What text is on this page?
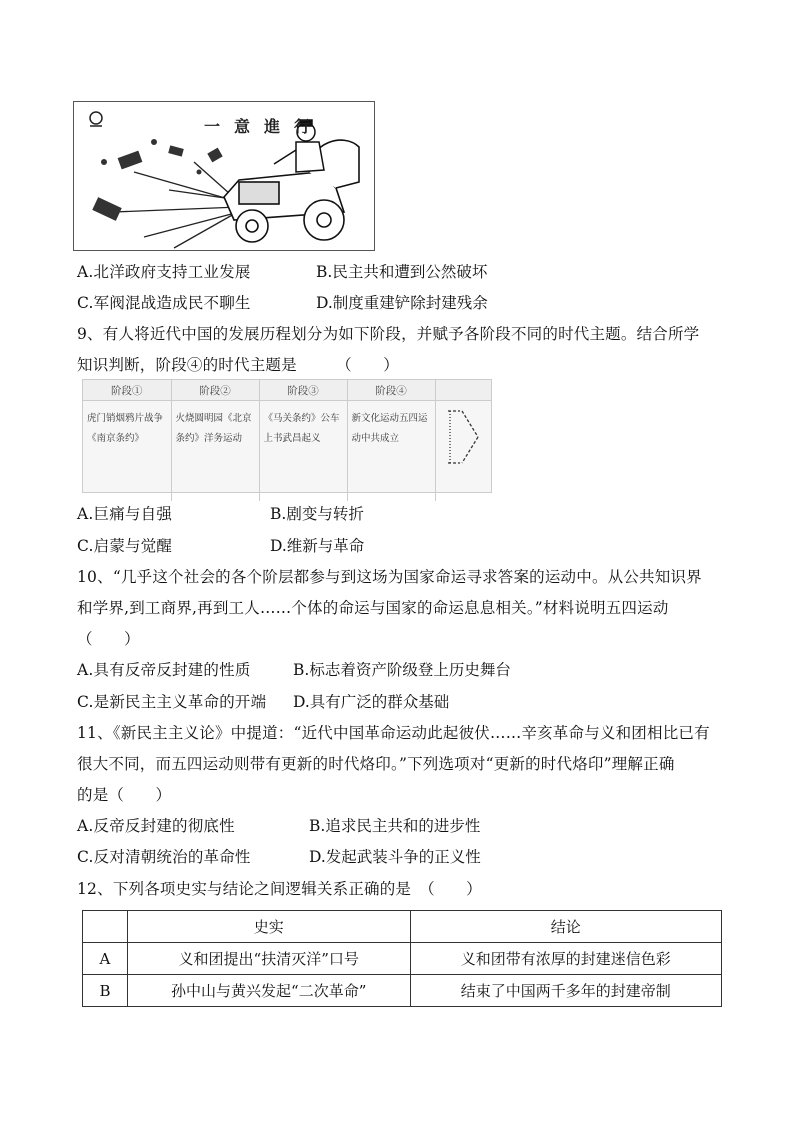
一意進行
A.北洋政府支持工业发展	B.民主共和遭到公然破坏
C.军阀混战造成民不聊生	D.制度重建铲除封建残余
9、有人将近代中国的发展历程划分为如下阶段，并赋予各阶段不同的时代主题。结合所学
知识判断，阶段④的时代主题是　　　（　　）
阶段①	阶段②	阶段③	阶段④	
虎门销烟鸦片战争《南京条约》	火烧圆明园《北京条约》洋务运动	《马关条约》公车上书武昌起义	新文化运动五四运动中共成立	
A.巨痛与自强	B.剧变与转折
C.启蒙与觉醒	D.维新与革命
10、“几乎这个社会的各个阶层都参与到这场为国家命运寻求答案的运动中。从公共知识界
和学界,到工商界,再到工人……个体的命运与国家的命运息息相关。”材料说明五四运动
（　　）
A.具有反帝反封建的性质	B.标志着资产阶级登上历史舞台
C.是新民主主义革命的开端 D.具有广泛的群众基础
11、《新民主主义论》中提道：“近代中国革命运动此起彼伏……辛亥革命与义和团相比已有
很大不同，而五四运动则带有更新的时代烙印。”下列选项对“更新的时代烙印”理解正确
的是（　　）
A.反帝反封建的彻底性	B.追求民主共和的进步性
C.反对清朝统治的革命性	D.发起武装斗争的正义性
12、下列各项史实与结论之间逻辑关系正确的是　（　　）
	史实	结论
A	义和团提出“扶清灭洋”口号	义和团带有浓厚的封建迷信色彩
B	孙中山与黄兴发起“二次革命”	结束了中国两千多年的封建帝制
